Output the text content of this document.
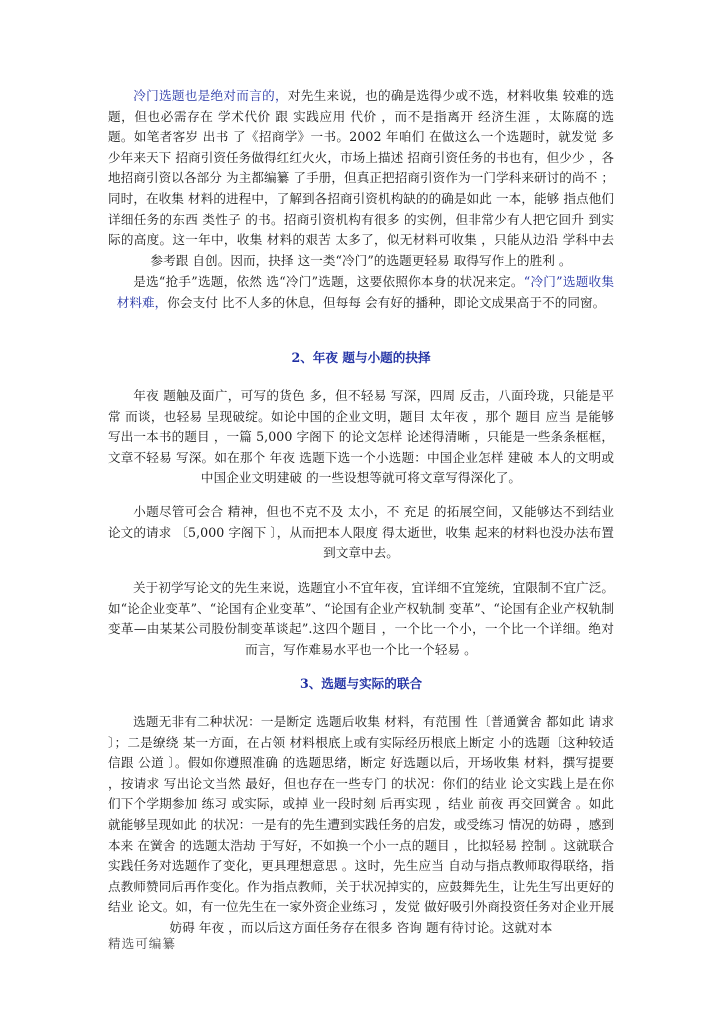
冷门选题也是绝对而言的，对先生来说，也的确是选得少或不选，材料收集 较难的选题，但也必需存在 学术代价 跟 实践应用 代价 ，而不是指离开 经济生涯 ，太陈腐的选题。如笔者客岁 出书 了《招商学》一书。2002 年咱们 在做这么一个选题时，就发觉 多少年来天下 招商引资任务做得红红火火，市场上描述 招商引资任务的书也有，但少少 ，各地招商引资以各部分 为主都编纂 了手册，但真正把招商引资作为一门学科来研讨的尚不 ；同时，在收集 材料的进程中，了解到各招商引资机构缺的的确是如此 一本，能够 指点他们详细任务的东西 类性子 的书。招商引资机构有很多 的实例，但非常少有人把它回升 到实际的高度。这一年中，收集 材料的艰苦 太多了，似无材料可收集 ，只能从边沿 学科中去参考跟 自创。因而，抉择 这一类“冷门”的选题更轻易 取得写作上的胜利 。

是选“抢手”选题，依然 选“冷门”选题，这要依照你本身的状况来定。“冷门”选题收集 材料难，你会支付 比不人多的休息，但每每 会有好的播种，即论文成果高于不的同窗。

2、年夜 题与小题的抉择

年夜 题触及面广，可写的货色 多，但不轻易 写深，四周 反击，八面玲珑，只能是平常 而谈，也轻易 呈现破绽。如论中国的企业文明，题目 太年夜 ，那个 题目 应当 是能够 写出一本书的题目 ，一篇 5,000 字阁下 的论文怎样 论述得清晰 ，只能是一些条条框框，文章不轻易 写深。如在那个 年夜 选题下选一个小选题：中国企业怎样 建破 本人的文明或中国企业文明建破 的一些设想等就可将文章写得深化了。

小题尽管可会合 精神，但也不克不及 太小，不 充足 的拓展空间，又能够达不到结业论文的请求 〔5,000 字阁下 〕，从而把本人限度 得太逝世，收集 起来的材料也没办法布置到文章中去。

关于初学写论文的先生来说，选题宜小不宜年夜，宜详细不宜笼统，宜限制不宜广泛。如“论企业变革”、“论国有企业变革”、“论国有企业产权轨制 变革”、“论国有企业产权轨制 变革—由某某公司股份制变革谈起”.这四个题目 ，一个比一个小，一个比一个详细。绝对而言，写作难易水平也一个比一个轻易 。

3、选题与实际的联合

选题无非有二种状况：一是断定 选题后收集 材料，有范围 性〔普通黉舍 都如此 请求 〕；二是缭绕 某一方面，在占领 材料根底上或有实际经历根底上断定 小的选题〔这种较适信跟 公道 〕。假如你遵照准确 的选题思绪，断定 好选题以后，开场收集 材料，撰写提要 ，按请求 写出论文当然 最好，但也存在一些专门 的状况：你们的结业 论文实践上是在你们下个学期参加 练习 或实际，或掉 业一段时刻 后再实现 ，结业 前夜 再交回黉舍 。如此 就能够呈现如此 的状况：一是有的先生遭到实践任务的启发，或受练习 情况的妨碍 ，感到 本来 在黉舍 的选题太浩劫 于写好，不如换一个小一点的题目 ，比拟轻易 控制 。这就联合 实践任务对选题作了变化，更具理想意思 。这时，先生应当 自动与指点教师取得联络，指点教师赞同后再作变化。作为指点教师，关于状况掉实的，应鼓舞先生，让先生写出更好的结业 论文。如，有一位先生在一家外资企业练习 ，发觉 做好吸引外商投资任务对企业开展妨碍 年夜 ，而以后这方面任务存在很多 咨询 题有待讨论。这就对本

精选可编纂
